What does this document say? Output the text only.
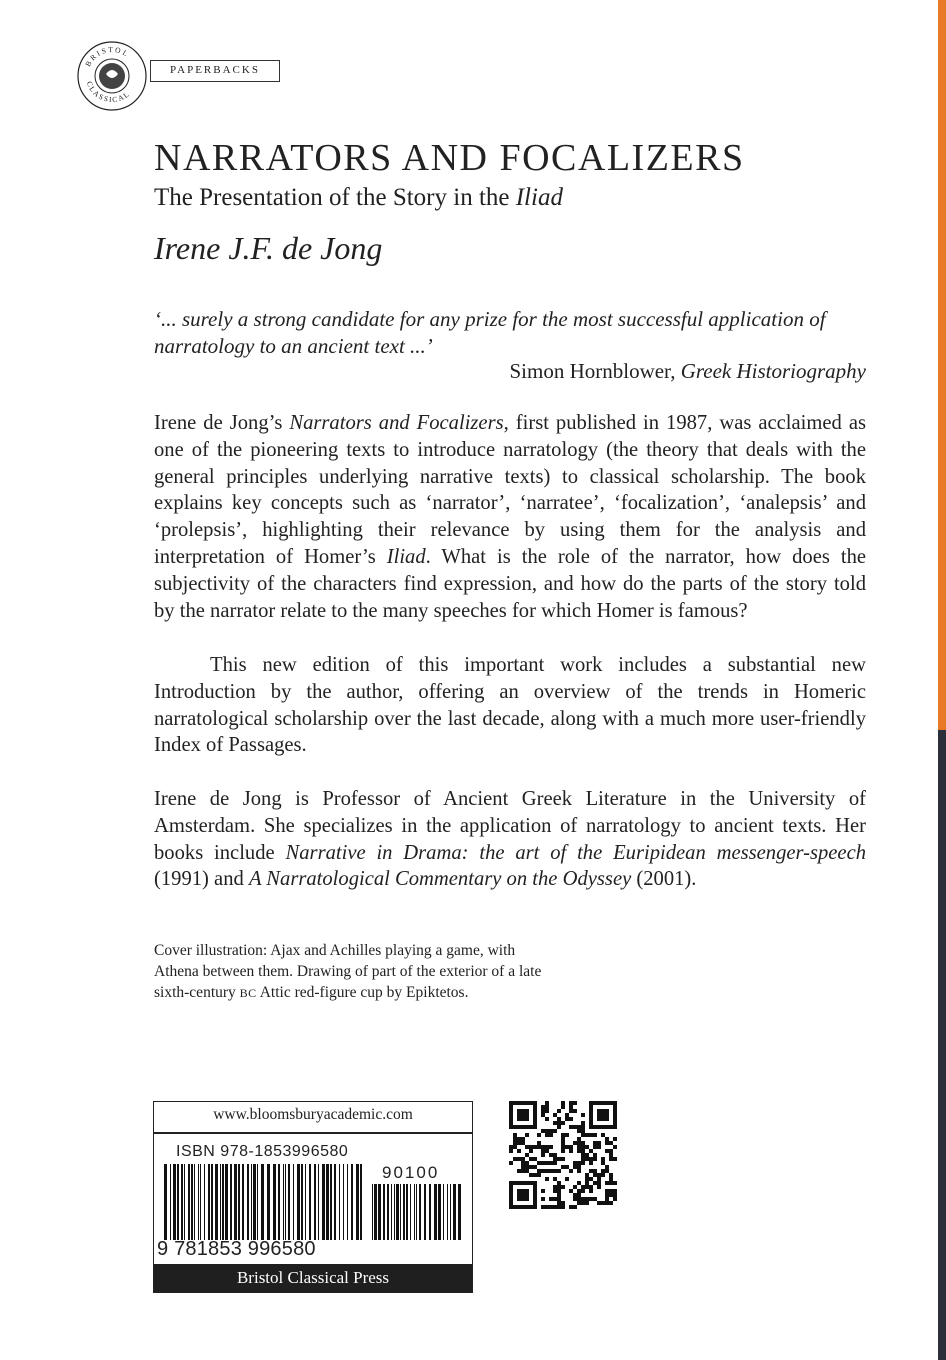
BRISTOL
CLASSICAL
PAPERBACKS
NARRATORS AND FOCALIZERS
The Presentation of the Story in the Iliad
Irene J.F. de Jong
‘... surely a strong candidate for any prize for the most successful application of narratology to an ancient text ...’
Simon Hornblower, Greek Historiography
Irene de Jong’s Narrators and Focalizers, first published in 1987, was acclaimed as one of the pioneering texts to introduce narratology (the theory that deals with the general principles underlying narrative texts) to classical scholarship. The book explains key concepts such as ‘narrator’, ‘narratee’, ‘focalization’, ‘analepsis’ and ‘prolepsis’, highlighting their relevance by using them for the analysis and interpretation of Homer’s Iliad. What is the role of the narrator, how does the subjectivity of the characters find expression, and how do the parts of the story told by the narrator relate to the many speeches for which Homer is famous?
This new edition of this important work includes a substantial new Introduction by the author, offering an overview of the trends in Homeric narratological scholarship over the last decade, along with a much more user-friendly Index of Passages.
Irene de Jong is Professor of Ancient Greek Literature in the University of Amsterdam. She specializes in the application of narratology to ancient texts. Her books include Narrative in Drama: the art of the Euripidean messenger-speech (1991) and A Narratological Commentary on the Odyssey (2001).
Cover illustration: Ajax and Achilles playing a game, with Athena between them. Drawing of part of the exterior of a late sixth-century BC Attic red-figure cup by Epiktetos.
www.bloomsburyacademic.com
ISBN 978-1853996580
90100
9 781853 996580
Bristol Classical Press
